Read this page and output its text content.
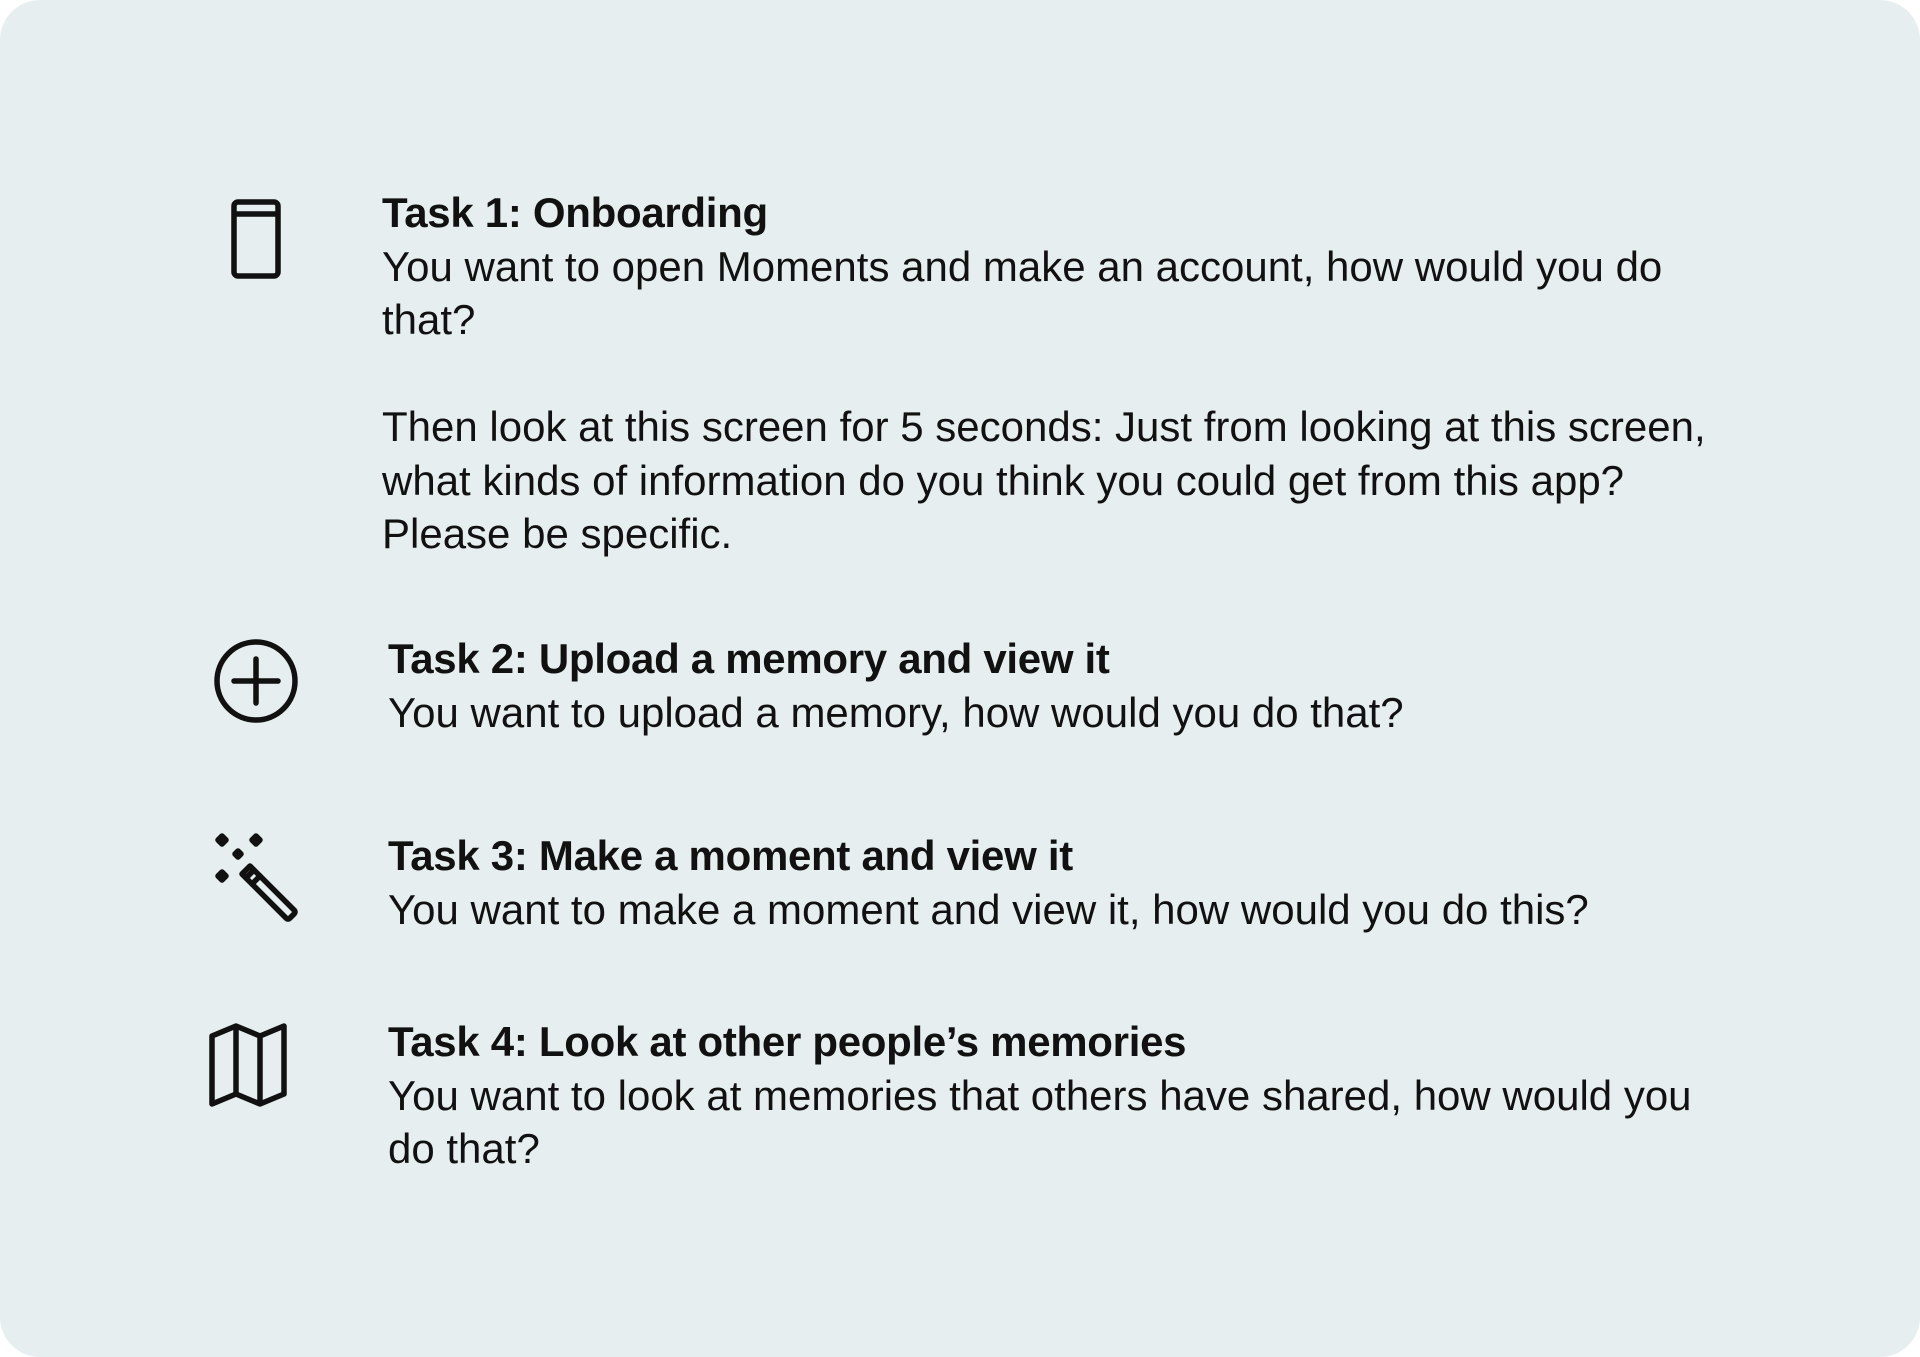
Task 1: Onboarding

You want to open Moments and make an account, how would you do that?

Then look at this screen for 5 seconds: Just from looking at this screen, what kinds of information do you think you could get from this app? Please be specific.

Task 2: Upload a memory and view it

You want to upload a memory, how would you do that?

Task 3: Make a moment and view it

You want to make a moment and view it, how would you do this?

Task 4: Look at other people’s memories

You want to look at memories that others have shared, how would you do that?
